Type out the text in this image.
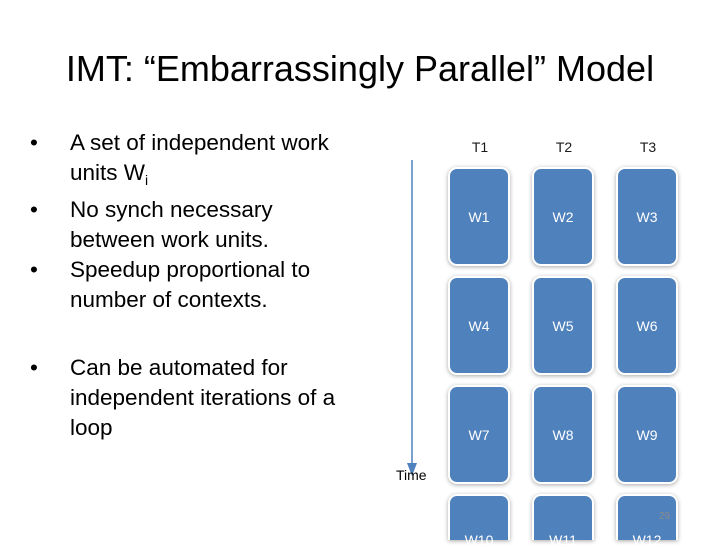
IMT: “Embarrassingly Parallel” Model
• A set of independent work units $W_i$
• No synch necessary between work units.
• Speedup proportional to number of contexts.
• Can be automated for independent iterations of a loop
Time
T1	T2	T3
W1	W2	W3
W4	W5	W6
W7	W8	W9
W10	W11	W12
29
